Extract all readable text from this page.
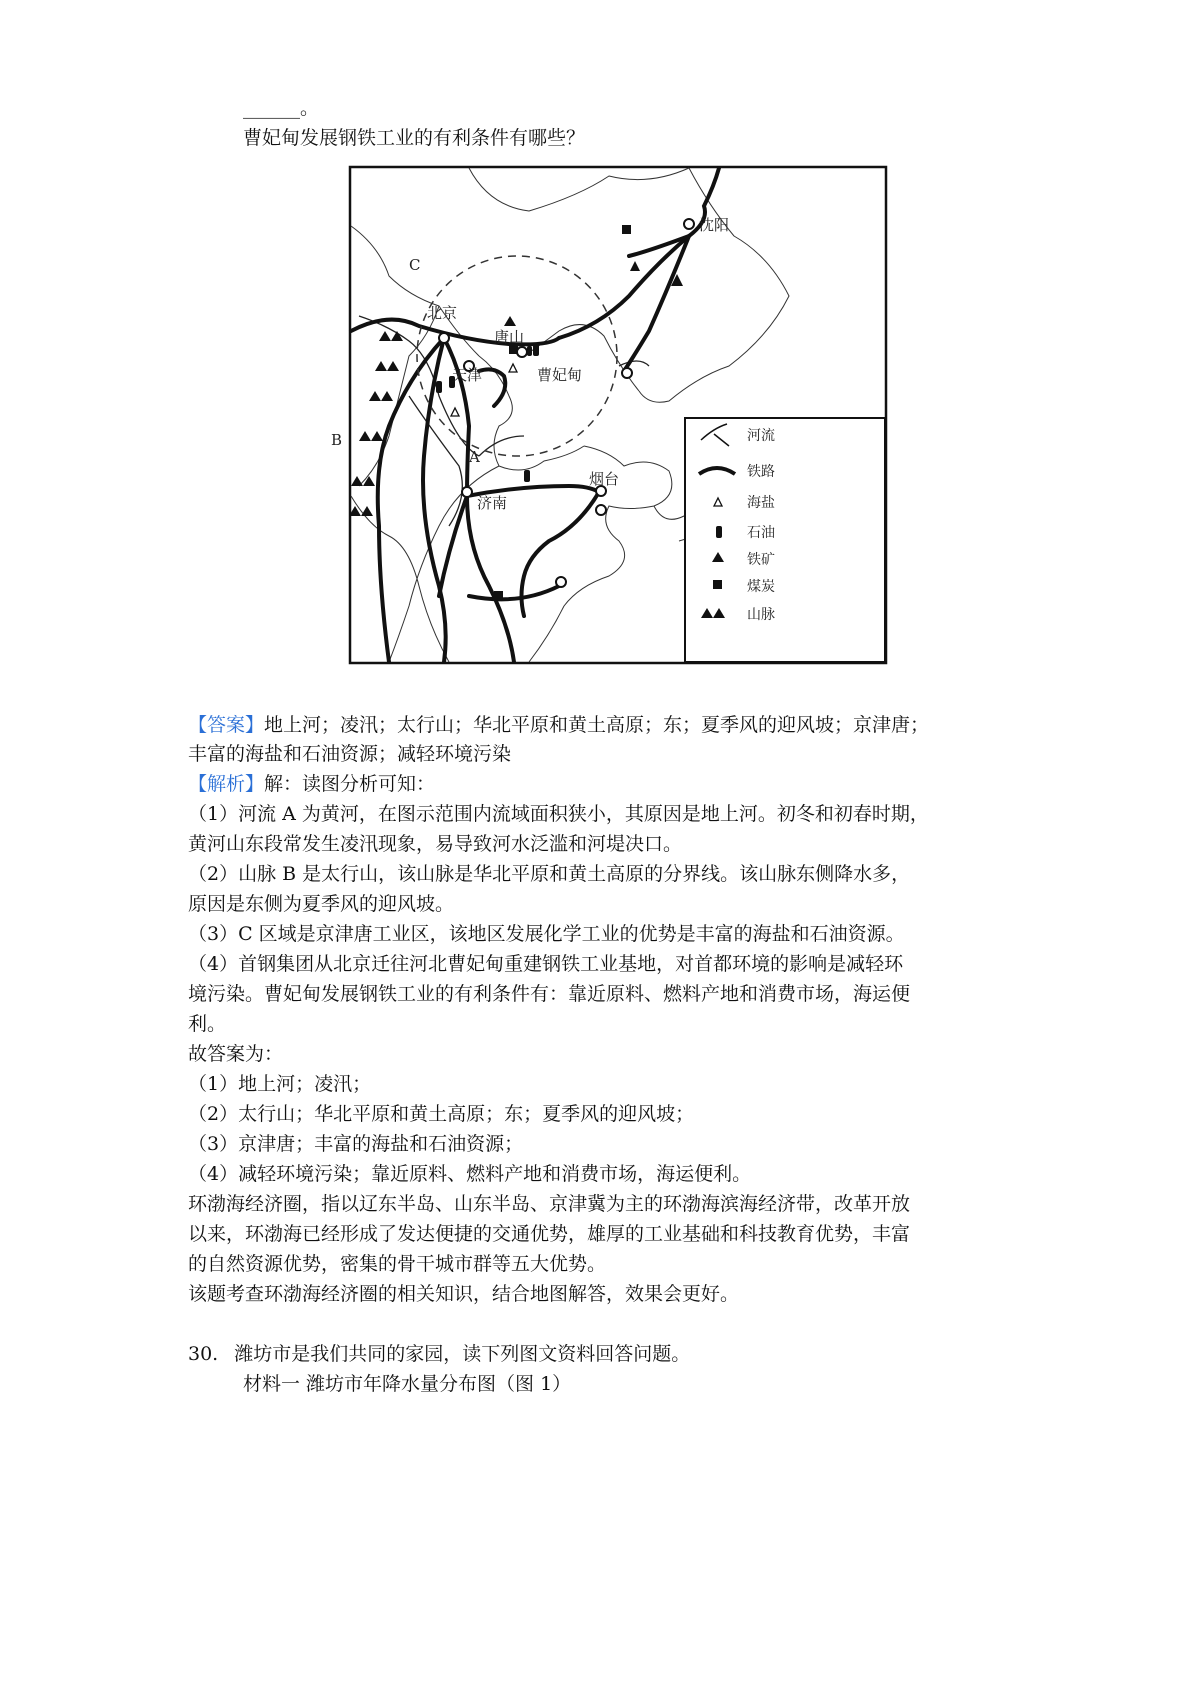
______。
曹妃甸发展钢铁工业的有利条件有哪些？
沈阳
北京
天津
唐山
曹妃甸
烟台
济南
A
B
C
河流
铁路
海盐
石油
铁矿
煤炭
山脉
【答案】地上河；凌汛；太行山；华北平原和黄土高原；东；夏季风的迎风坡；京津唐；
丰富的海盐和石油资源；减轻环境污染
【解析】解：读图分析可知：
（1）河流 A 为黄河，在图示范围内流域面积狭小，其原因是地上河。初冬和初春时期，
黄河山东段常发生凌汛现象，易导致河水泛滥和河堤决口。
（2）山脉 B 是太行山，该山脉是华北平原和黄土高原的分界线。该山脉东侧降水多，
原因是东侧为夏季风的迎风坡。
（3）C 区域是京津唐工业区，该地区发展化学工业的优势是丰富的海盐和石油资源。
（4）首钢集团从北京迁往河北曹妃甸重建钢铁工业基地，对首都环境的影响是减轻环
境污染。曹妃甸发展钢铁工业的有利条件有：靠近原料、燃料产地和消费市场，海运便
利。
故答案为：
（1）地上河；凌汛；
（2）太行山；华北平原和黄土高原；东；夏季风的迎风坡；
（3）京津唐；丰富的海盐和石油资源；
（4）减轻环境污染；靠近原料、燃料产地和消费市场，海运便利。
环渤海经济圈，指以辽东半岛、山东半岛、京津冀为主的环渤海滨海经济带，改革开放
以来，环渤海已经形成了发达便捷的交通优势，雄厚的工业基础和科技教育优势，丰富
的自然资源优势，密集的骨干城市群等五大优势。
该题考查环渤海经济圈的相关知识，结合地图解答，效果会更好。
30. 潍坊市是我们共同的家园，读下列图文资料回答问题。
材料一 潍坊市年降水量分布图（图 1）
